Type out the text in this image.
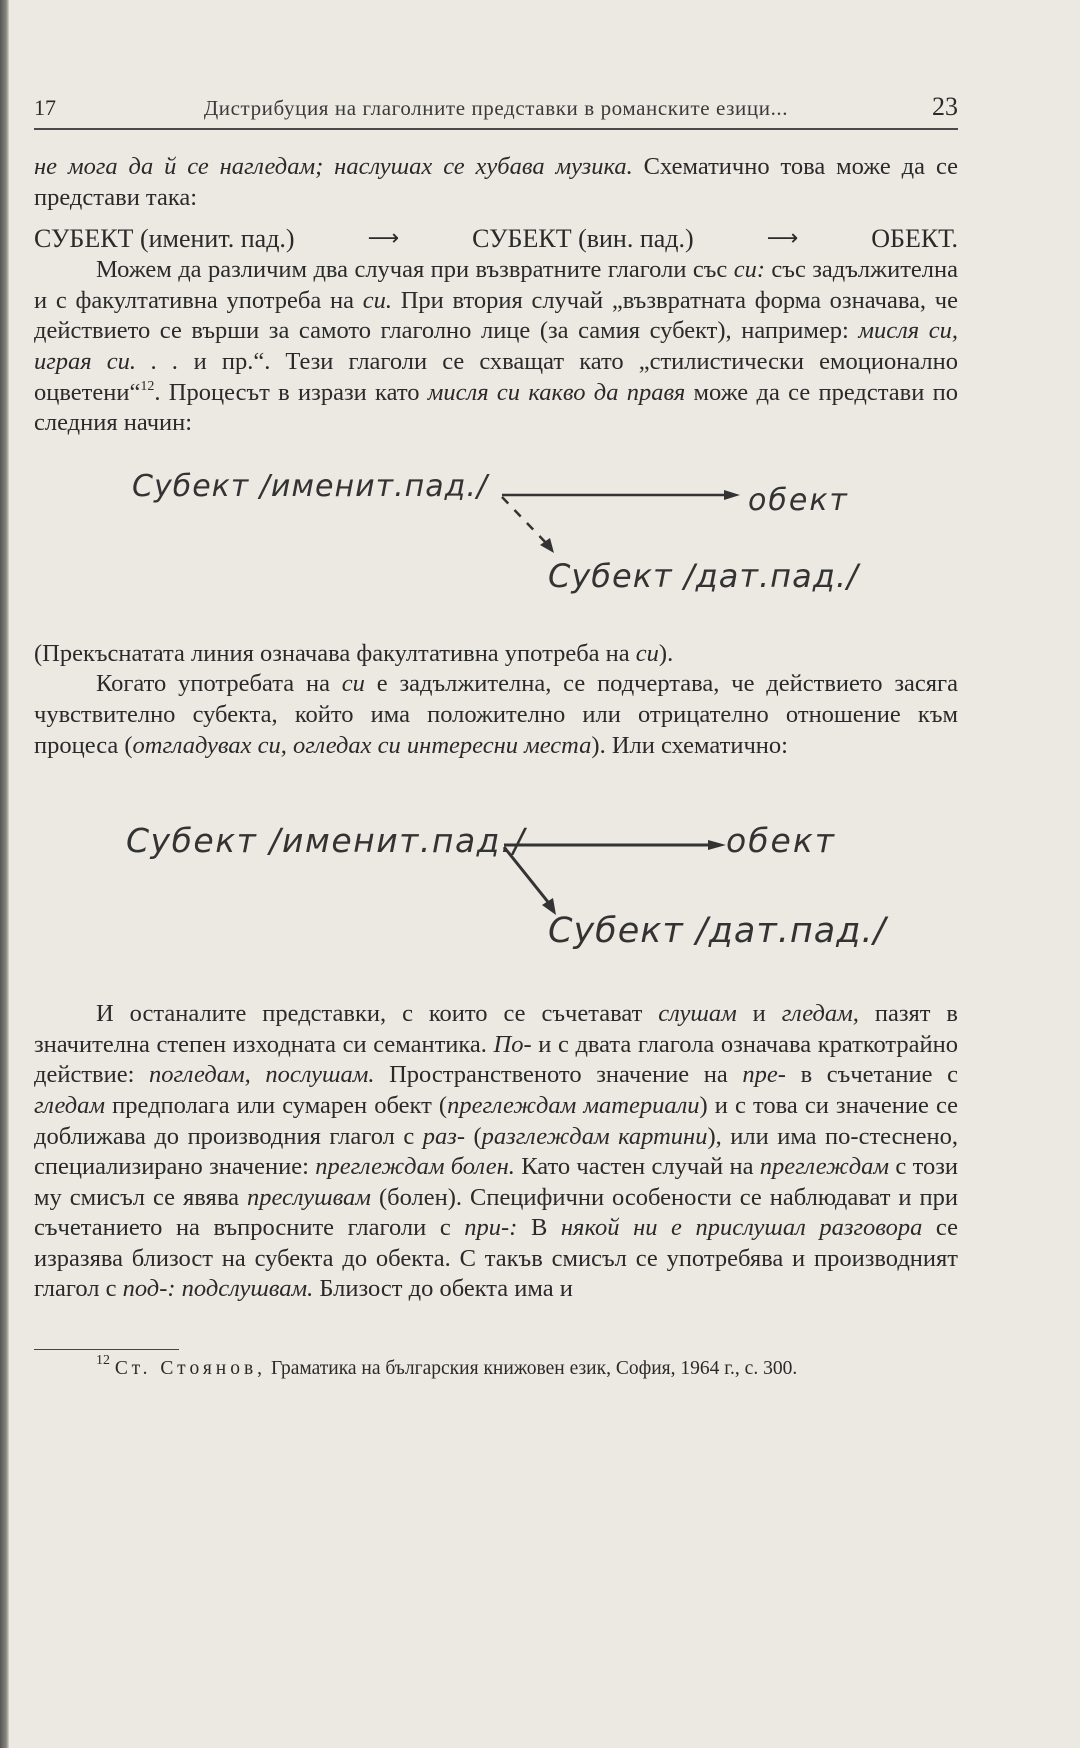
17	Дистрибуция на глаголните представки в романските езици...	23

не мога да й се нагледам; наслушах се хубава музика. Схематично това може да се представи така:

СУБЕКТ (именит. пад.)	⟶	СУБЕКТ (вин. пад.)	⟶	ОБЕКТ.

Можем да различим два случая при възвратните глаголи със си: със задължителна и с факултативна употреба на си. При втория случай „възвратната форма означава, че действието се върши за самото глаголно лице (за самия субект), например: мисля си, играя си. . . и пр.“. Тези глаголи се схващат като „стилистически емоционално оцветени“$^{12}$. Процесът в изрази като мисля си какво да правя може да се представи по следния начин:

Субект /именит.пад./	обект
Субект /дат.пад./

(Прекъснатата линия означава факултативна употреба на си).

Когато употребата на си е задължителна, се подчертава, че действието засяга чувствително субекта, който има положително или отрицателно отношение към процеса (отгладувах си, огледах си интересни места). Или схематично:

Субект /именит.пад./	обект
Субект /дат.пад./

И останалите представки, с които се съчетават слушам и гледам, пазят в значителна степен изходната си семантика. По- и с двата глагола означава краткотрайно действие: погледам, послушам. Пространственото значение на пре- в съчетание с гледам предполага или сумарен обект (преглеждам материали) и с това си значение се доближава до производния глагол с раз- (разглеждам картини), или има по-стеснено, специализирано значение: преглеждам болен. Като частен случай на преглеждам с този му смисъл се явява преслушвам (болен). Специфични особености се наблюдават и при съчетанието на въпросните глаголи с при-: В някой ни е прислушал разговора се изразява близост на субекта до обекта. С такъв смисъл се употребява и производният глагол с под-: подслушвам. Близост до обекта има и

$^{12}$ Ст. Стоянов, Граматика на българския книжовен език, София, 1964 г., с. 300.
